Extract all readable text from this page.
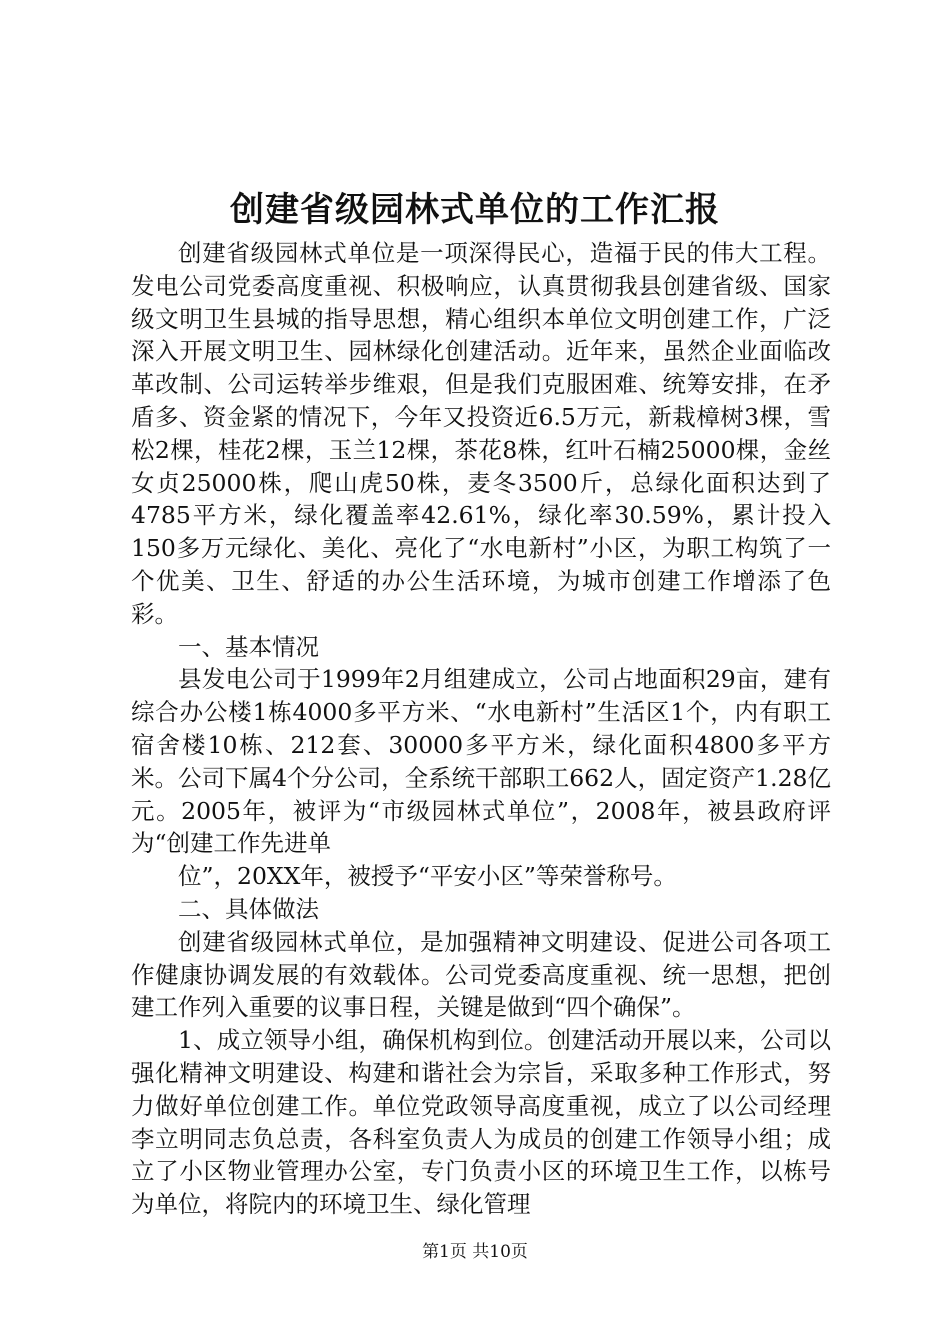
创建省级园林式单位的工作汇报

创建省级园林式单位是一项深得民心，造福于民的伟大工程。发电公司党委高度重视、积极响应，认真贯彻我县创建省级、国家级文明卫生县城的指导思想，精心组织本单位文明创建工作，广泛深入开展文明卫生、园林绿化创建活动。近年来，虽然企业面临改革改制、公司运转举步维艰，但是我们克服困难、统筹安排，在矛盾多、资金紧的情况下，今年又投资近6.5万元，新栽樟树3棵，雪松2棵，桂花2棵，玉兰12棵，茶花8株，红叶石楠25000棵，金丝女贞25000株，爬山虎50株，麦冬3500斤，总绿化面积达到了4785平方米，绿化覆盖率42.61%，绿化率30.59%，累计投入150多万元绿化、美化、亮化了“水电新村”小区，为职工构筑了一个优美、卫生、舒适的办公生活环境，为城市创建工作增添了色彩。

一、基本情况

县发电公司于1999年2月组建成立，公司占地面积29亩，建有综合办公楼1栋4000多平方米、“水电新村”生活区1个，内有职工宿舍楼10栋、212套、30000多平方米，绿化面积4800多平方米。公司下属4个分公司，全系统干部职工662人，固定资产1.28亿元。2005年，被评为“市级园林式单位”，2008年，被县政府评为“创建工作先进单

位”，20XX年，被授予“平安小区”等荣誉称号。

二、具体做法

创建省级园林式单位，是加强精神文明建设、促进公司各项工作健康协调发展的有效载体。公司党委高度重视、统一思想，把创建工作列入重要的议事日程，关键是做到“四个确保”。

1、成立领导小组，确保机构到位。创建活动开展以来，公司以强化精神文明建设、构建和谐社会为宗旨，采取多种工作形式，努力做好单位创建工作。单位党政领导高度重视，成立了以公司经理李立明同志负总责，各科室负责人为成员的创建工作领导小组；成立了小区物业管理办公室，专门负责小区的环境卫生工作，以栋号为单位，将院内的环境卫生、绿化管理

第1页 共10页
